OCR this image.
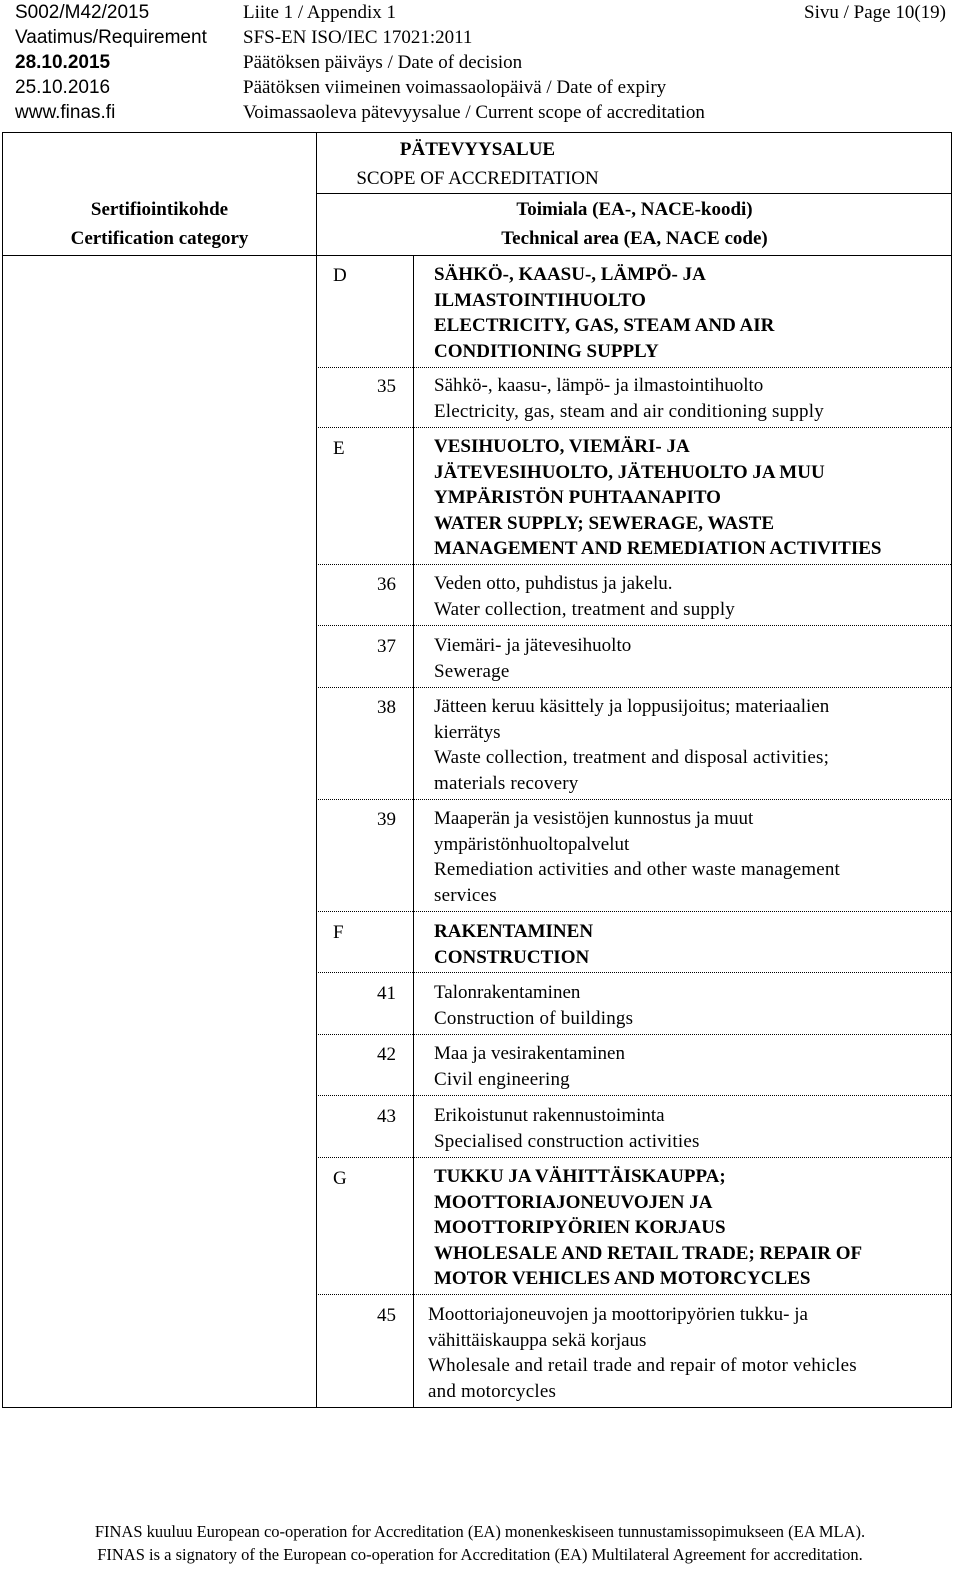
S002/M42/2015	Liite 1 / Appendix 1	Sivu / Page 10(19)
Vaatimus/Requirement SFS-EN ISO/IEC 17021:2011
28.10.2015	Päätöksen päiväys / Date of decision
25.10.2016	Päätöksen viimeinen voimassaolopäivä / Date of expiry
www.finas.fi	Voimassaoleva pätevyysalue / Current scope of accreditation
PÄTEVYYSALUE
SCOPE OF ACCREDITATION
Sertifiointikohde
Certification category
Toimiala (EA-, NACE-koodi)
Technical area (EA, NACE code)
D	SÄHKÖ-, KAASU-, LÄMPÖ- JA
ILMASTOINTIHUOLTO
ELECTRICITY, GAS, STEAM AND AIR
CONDITIONING SUPPLY
35 Sähkö-, kaasu-, lämpö- ja ilmastointihuolto
Electricity, gas, steam and air conditioning supply
E	VESIHUOLTO, VIEMÄRI- JA
JÄTEVESIHUOLTO, JÄTEHUOLTO JA MUU
YMPÄRISTÖN PUHTAANAPITO
WATER SUPPLY; SEWERAGE, WASTE
MANAGEMENT AND REMEDIATION ACTIVITIES
36 Veden otto, puhdistus ja jakelu.
Water collection, treatment and supply
37 Viemäri- ja jätevesihuolto
Sewerage
38 Jätteen keruu käsittely ja loppusijoitus; materiaalien
kierrätys
Waste collection, treatment and disposal activities;
materials recovery
39 Maaperän ja vesistöjen kunnostus ja muut
ympäristönhuoltopalvelut
Remediation activities and other waste management
services
F	RAKENTAMINEN
CONSTRUCTION
41 Talonrakentaminen
Construction of buildings
42 Maa ja vesirakentaminen
Civil engineering
43 Erikoistunut rakennustoiminta
Specialised construction activities
G	TUKKU JA VÄHITTÄISKAUPPA;
MOOTTORIAJONEUVOJEN JA
MOOTTORIPYÖRIEN KORJAUS
WHOLESALE AND RETAIL TRADE; REPAIR OF
MOTOR VEHICLES AND MOTORCYCLES
45 Moottoriajoneuvojen ja moottoripyörien tukku- ja
vähittäiskauppa sekä korjaus
Wholesale and retail trade and repair of motor vehicles
and motorcycles
FINAS kuuluu European co-operation for Accreditation (EA) monenkeskiseen tunnustamissopimukseen (EA MLA).
FINAS is a signatory of the European co-operation for Accreditation (EA) Multilateral Agreement for accreditation.
